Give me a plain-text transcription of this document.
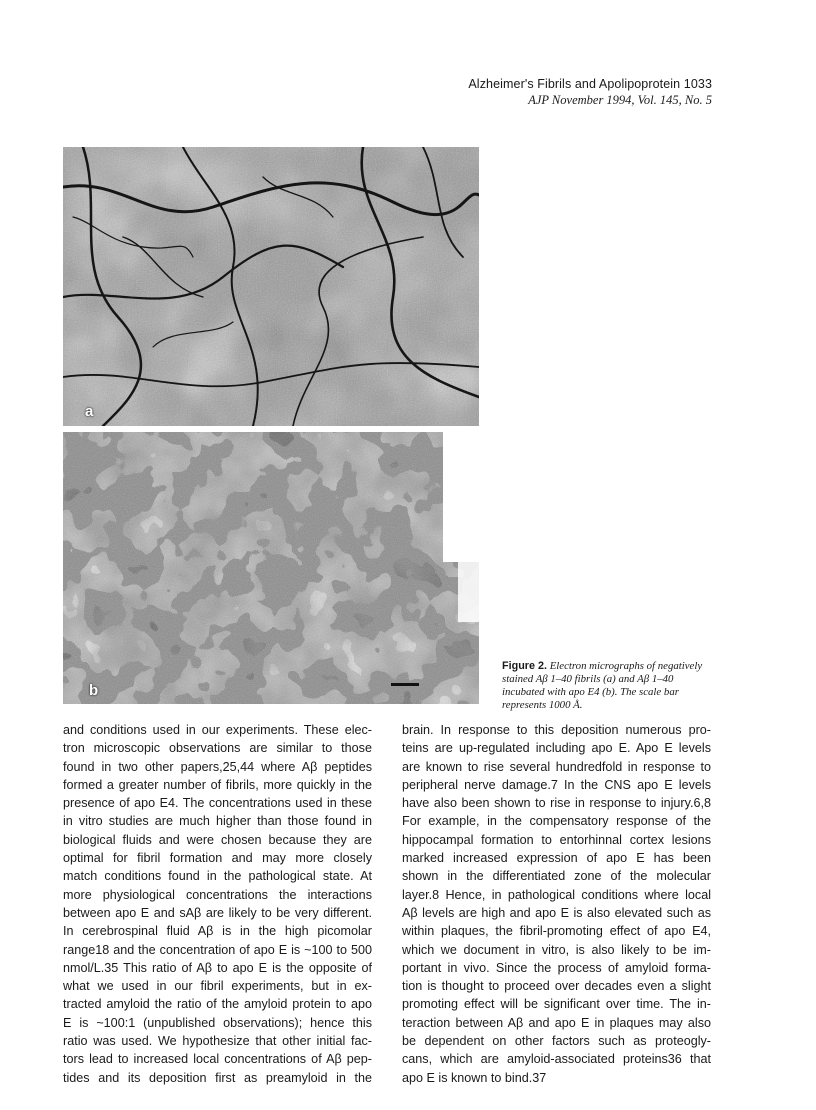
Alzheimer's Fibrils and Apolipoprotein 1033
AJP November 1994, Vol. 145, No. 5
a
b
Figure 2. Electron micrographs of negatively stained Aβ 1–40 fibrils (a) and Aβ 1–40 incubated with apo E4 (b). The scale bar represents 1000 Å.
and conditions used in our experiments. These elec-
tron microscopic observations are similar to those
found in two other papers,25,44 where Aβ peptides
formed a greater number of fibrils, more quickly in the
presence of apo E4. The concentrations used in these
in vitro studies are much higher than those found in
biological fluids and were chosen because they are
optimal for fibril formation and may more closely
match conditions found in the pathological state. At
more physiological concentrations the interactions
between apo E and sAβ are likely to be very different.
In cerebrospinal fluid Aβ is in the high picomolar
range18 and the concentration of apo E is ~100 to 500
nmol/L.35 This ratio of Aβ to apo E is the opposite of
what we used in our fibril experiments, but in ex-
tracted amyloid the ratio of the amyloid protein to apo
E is ~100:1 (unpublished observations); hence this
ratio was used. We hypothesize that other initial fac-
tors lead to increased local concentrations of Aβ pep-
tides and its deposition first as preamyloid in the
brain. In response to this deposition numerous pro-
teins are up-regulated including apo E. Apo E levels
are known to rise several hundredfold in response to
peripheral nerve damage.7 In the CNS apo E levels
have also been shown to rise in response to injury.6,8
For example, in the compensatory response of the
hippocampal formation to entorhinnal cortex lesions
marked increased expression of apo E has been
shown in the differentiated zone of the molecular
layer.8 Hence, in pathological conditions where local
Aβ levels are high and apo E is also elevated such as
within plaques, the fibril-promoting effect of apo E4,
which we document in vitro, is also likely to be im-
portant in vivo. Since the process of amyloid forma-
tion is thought to proceed over decades even a slight
promoting effect will be significant over time. The in-
teraction between Aβ and apo E in plaques may also
be dependent on other factors such as proteogly-
cans, which are amyloid-associated proteins36 that
apo E is known to bind.37
